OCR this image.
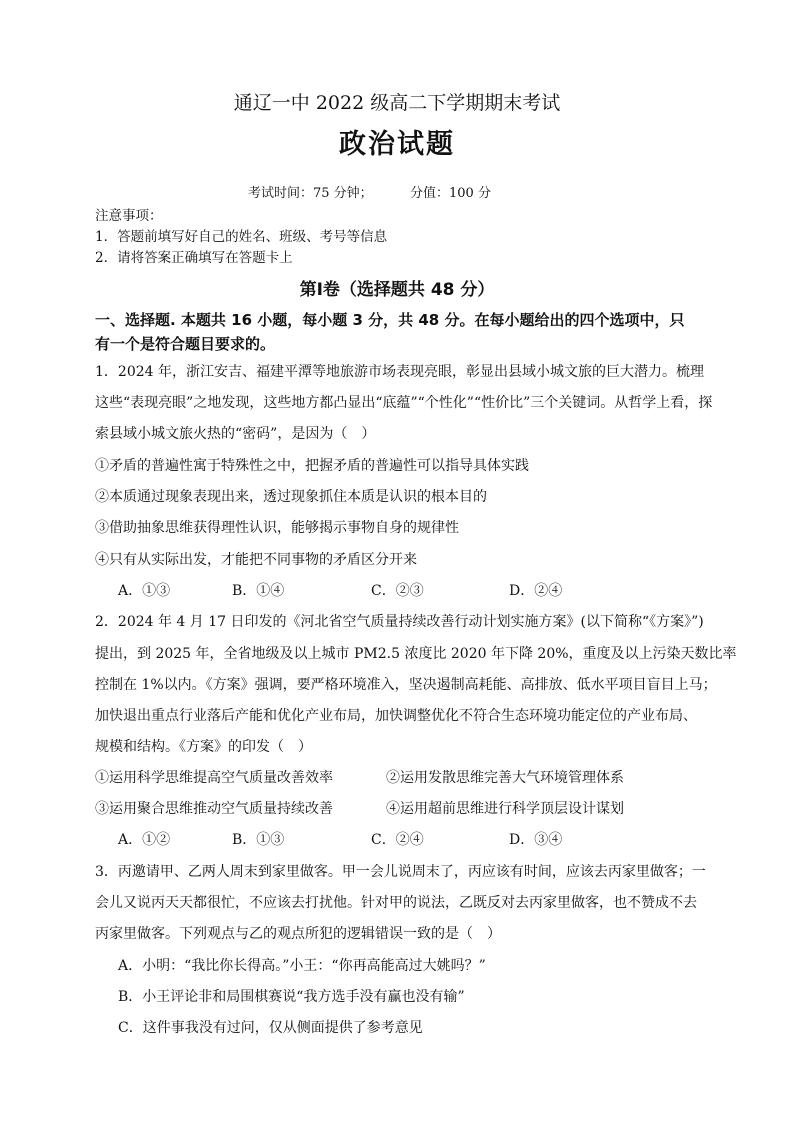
通辽一中 2022 级高二下学期期末考试
政治试题
考试时间：75 分钟；	分值：100 分
注意事项：
1．答题前填写好自己的姓名、班级、考号等信息
2．请将答案正确填写在答题卡上
第Ⅰ卷（选择题共 48 分）
一、选择题. 本题共 16 小题，每小题 3 分，共 48 分。在每小题给出的四个选项中，只
有一个是符合题目要求的。
1．2024 年，浙江安吉、福建平潭等地旅游市场表现亮眼，彰显出县域小城文旅的巨大潜力。梳理
这些“表现亮眼”之地发现，这些地方都凸显出“底蕴”“个性化”“性价比”三个关键词。从哲学上看，探
索县域小城文旅火热的“密码”，是因为（　）
①矛盾的普遍性寓于特殊性之中，把握矛盾的普遍性可以指导具体实践
②本质通过现象表现出来，透过现象抓住本质是认识的根本目的
③借助抽象思维获得理性认识，能够揭示事物自身的规律性
④只有从实际出发，才能把不同事物的矛盾区分开来
A．①③	B．①④	C．②③	D．②④
2．2024 年 4 月 17 日印发的《河北省空气质量持续改善行动计划实施方案》(以下简称“《方案》”)
提出，到 2025 年，全省地级及以上城市 PM2.5 浓度比 2020 年下降 20%，重度及以上污染天数比率
控制在 1%以内。《方案》强调，要严格环境准入，坚决遏制高耗能、高排放、低水平项目盲目上马；
加快退出重点行业落后产能和优化产业布局，加快调整优化不符合生态环境功能定位的产业布局、
规模和结构。《方案》的印发（　）
①运用科学思维提高空气质量改善效率	②运用发散思维完善大气环境管理体系
③运用聚合思维推动空气质量持续改善	④运用超前思维进行科学顶层设计谋划
A．①②	B．①③	C．②④	D．③④
3．丙邀请甲、乙两人周末到家里做客。甲一会儿说周末了，丙应该有时间，应该去丙家里做客；一
会儿又说丙天天都很忙，不应该去打扰他。针对甲的说法，乙既反对去丙家里做客，也不赞成不去
丙家里做客。下列观点与乙的观点所犯的逻辑错误一致的是（　）
A．小明：“我比你长得高。”小王：“你再高能高过大姚吗？”
B．小王评论非和局围棋赛说“我方选手没有赢也没有输”
C．这件事我没有过问，仅从侧面提供了参考意见
